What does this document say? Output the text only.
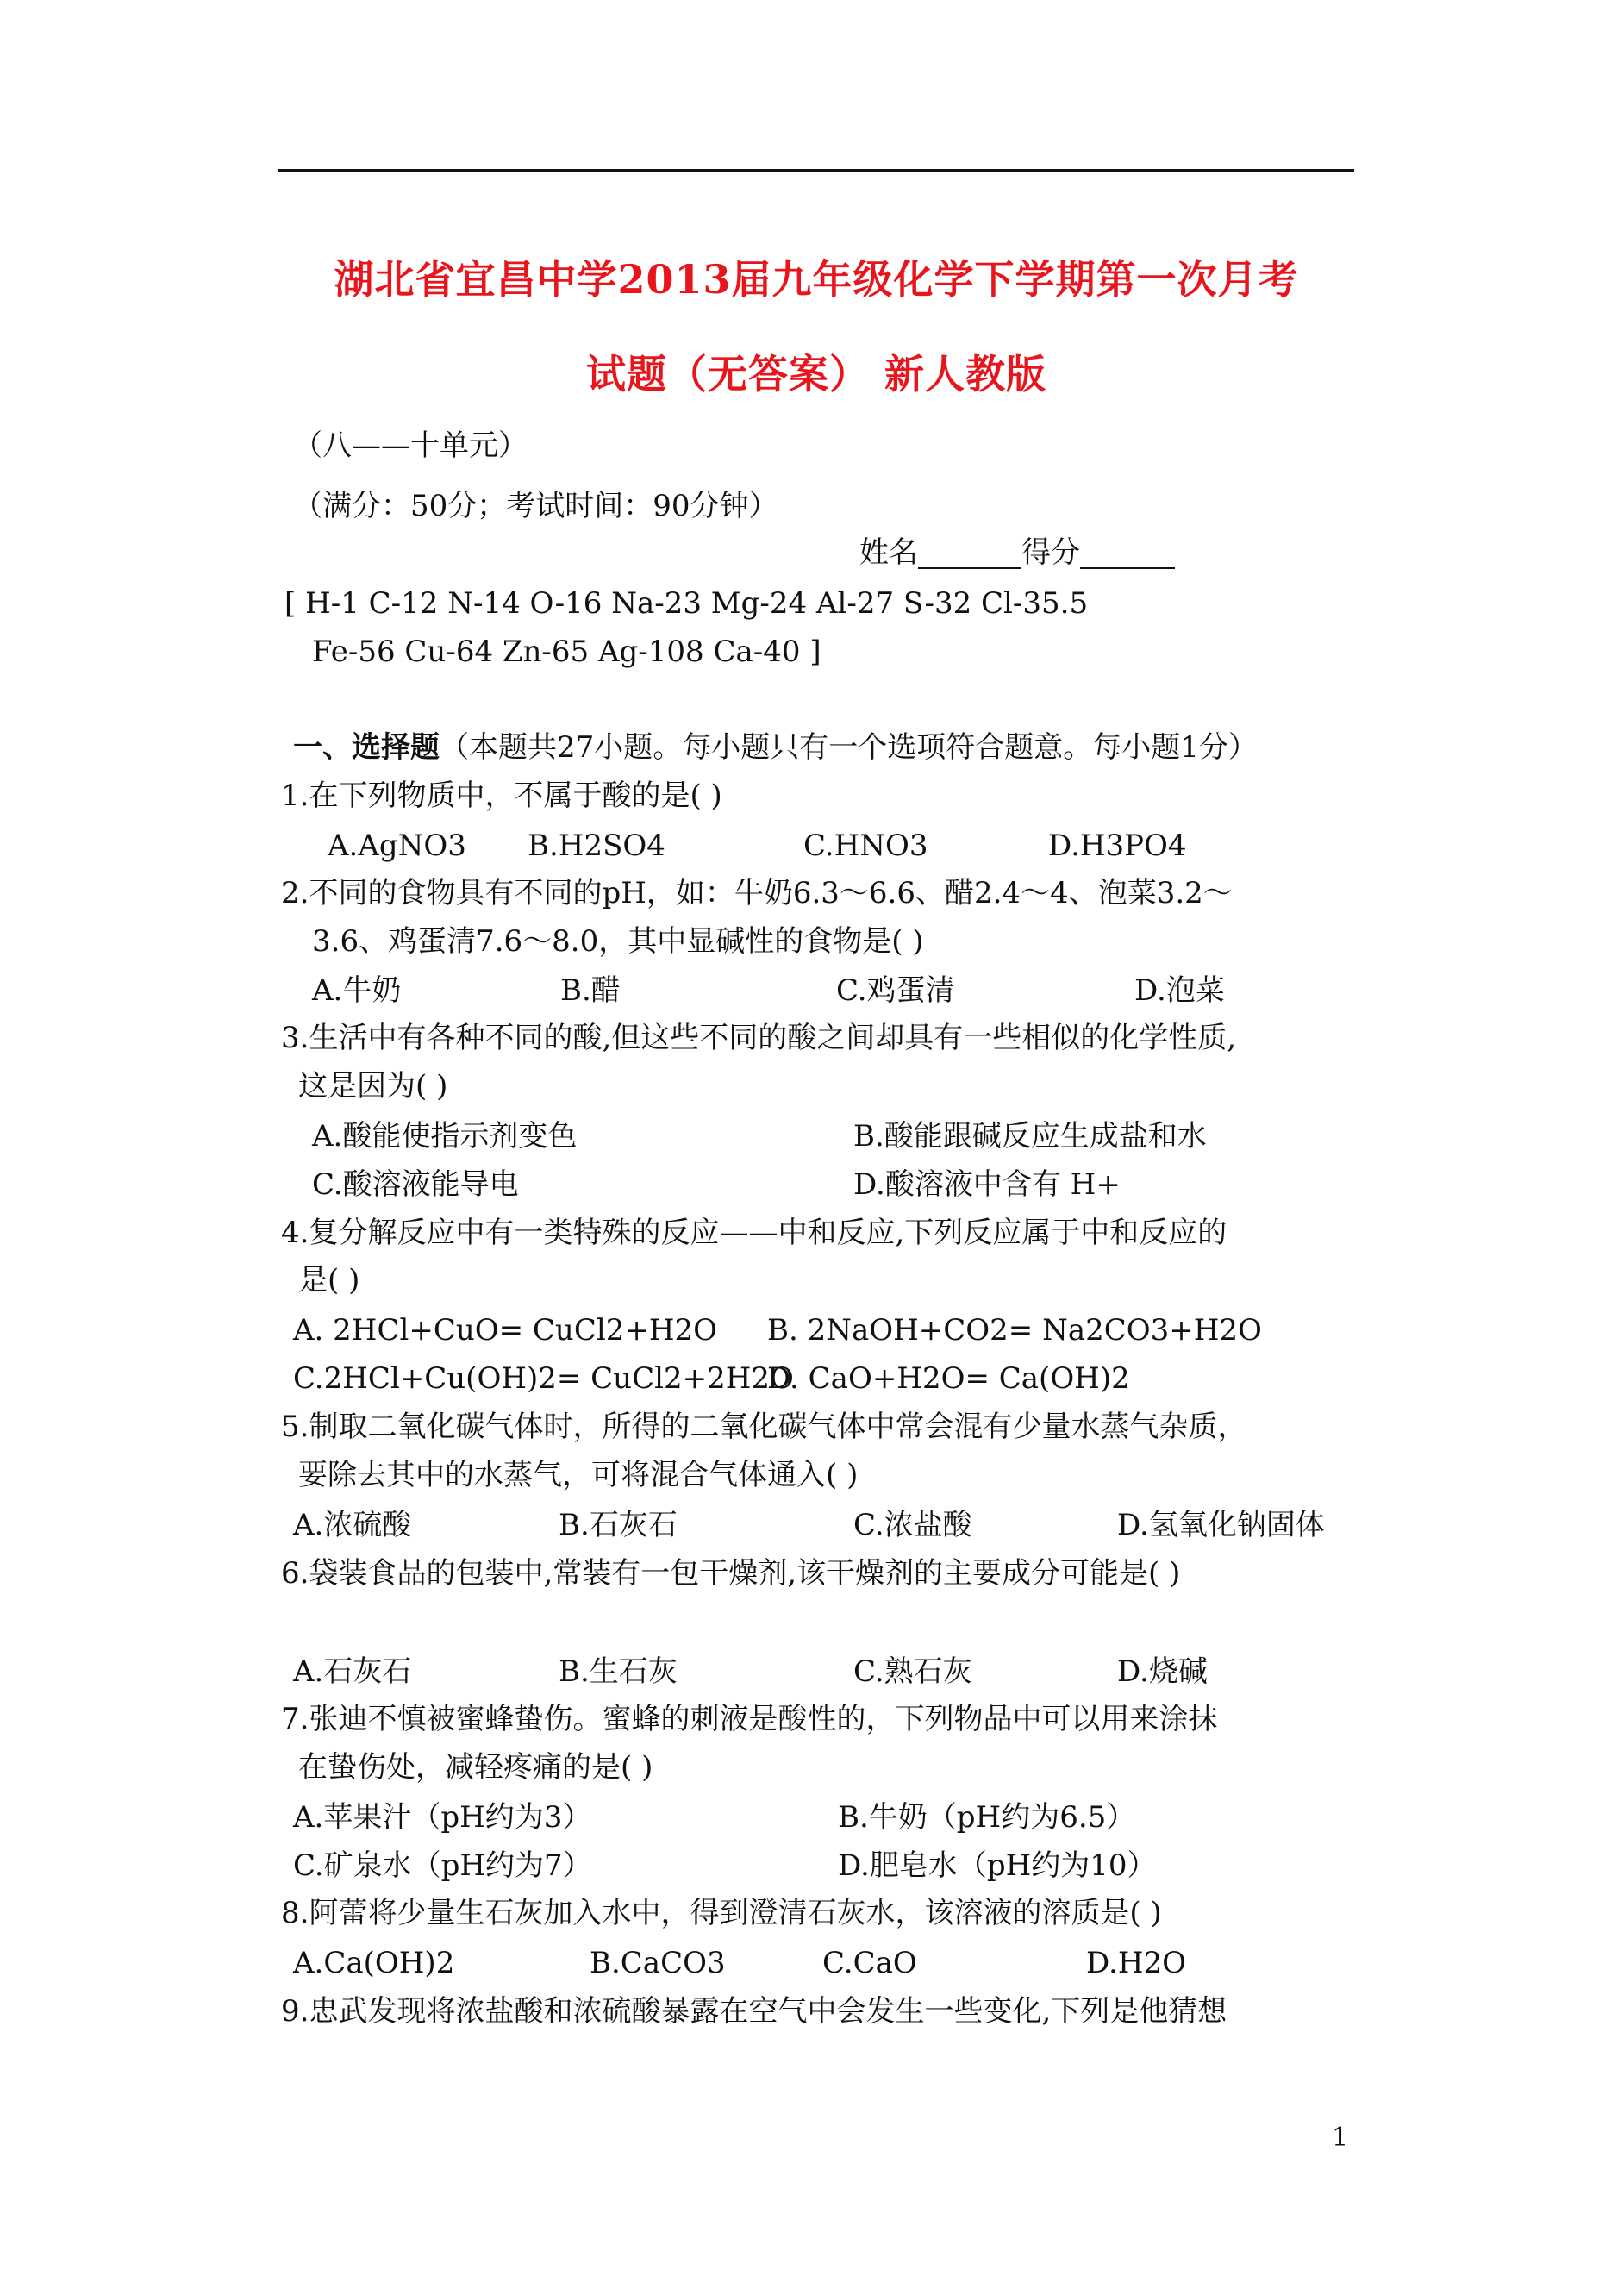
湖北省宜昌中学2013届九年级化学下学期第一次月考
试题（无答案） 新人教版
（八——十单元）
（满分：50分；考试时间：90分钟）
姓名	得分
[ H-1 C-12 N-14 O-16 Na-23 Mg-24 Al-27 S-32 Cl-35.5
Fe-56 Cu-64 Zn-65 Ag-108 Ca-40 ]
一、选择题（本题共27小题。每小题只有一个选项符合题意。每小题1分）
1.在下列物质中，不属于酸的是( )
A.AgNO3 B.H2SO4	C.HNO3	D.H3PO4
2.不同的食物具有不同的pH，如：牛奶6.3～6.6、醋2.4～4、泡菜3.2～
3.6、鸡蛋清7.6～8.0，其中显碱性的食物是( )
A.牛奶	B.醋	C.鸡蛋清	D.泡菜
3.生活中有各种不同的酸,但这些不同的酸之间却具有一些相似的化学性质,
这是因为( )
A.酸能使指示剂变色	B.酸能跟碱反应生成盐和水
C.酸溶液能导电	D.酸溶液中含有 H+
4.复分解反应中有一类特殊的反应——中和反应,下列反应属于中和反应的
是( )
A. 2HCl+CuO= CuCl2+H2O B. 2NaOH+CO2= Na2CO3+H2O
C.2HCl+Cu(OH)2= CuCl2+2H2O
D. CaO+H2O= Ca(OH)2
5.制取二氧化碳气体时，所得的二氧化碳气体中常会混有少量水蒸气杂质，
要除去其中的水蒸气，可将混合气体通入( )
A.浓硫酸	B.石灰石	C.浓盐酸	D.氢氧化钠固体
6.袋装食品的包装中,常装有一包干燥剂,该干燥剂的主要成分可能是( )
A.石灰石	B.生石灰	C.熟石灰	D.烧碱
7.张迪不慎被蜜蜂蛰伤。蜜蜂的刺液是酸性的，下列物品中可以用来涂抹
在蛰伤处，减轻疼痛的是( )
A.苹果汁（pH约为3）	B.牛奶（pH约为6.5）
C.矿泉水（pH约为7）	D.肥皂水（pH约为10）
8.阿蕾将少量生石灰加入水中，得到澄清石灰水，该溶液的溶质是( )
A.Ca(OH)2	B.CaCO3	C.CaO	D.H2O
9.忠武发现将浓盐酸和浓硫酸暴露在空气中会发生一些变化,下列是他猜想
1
